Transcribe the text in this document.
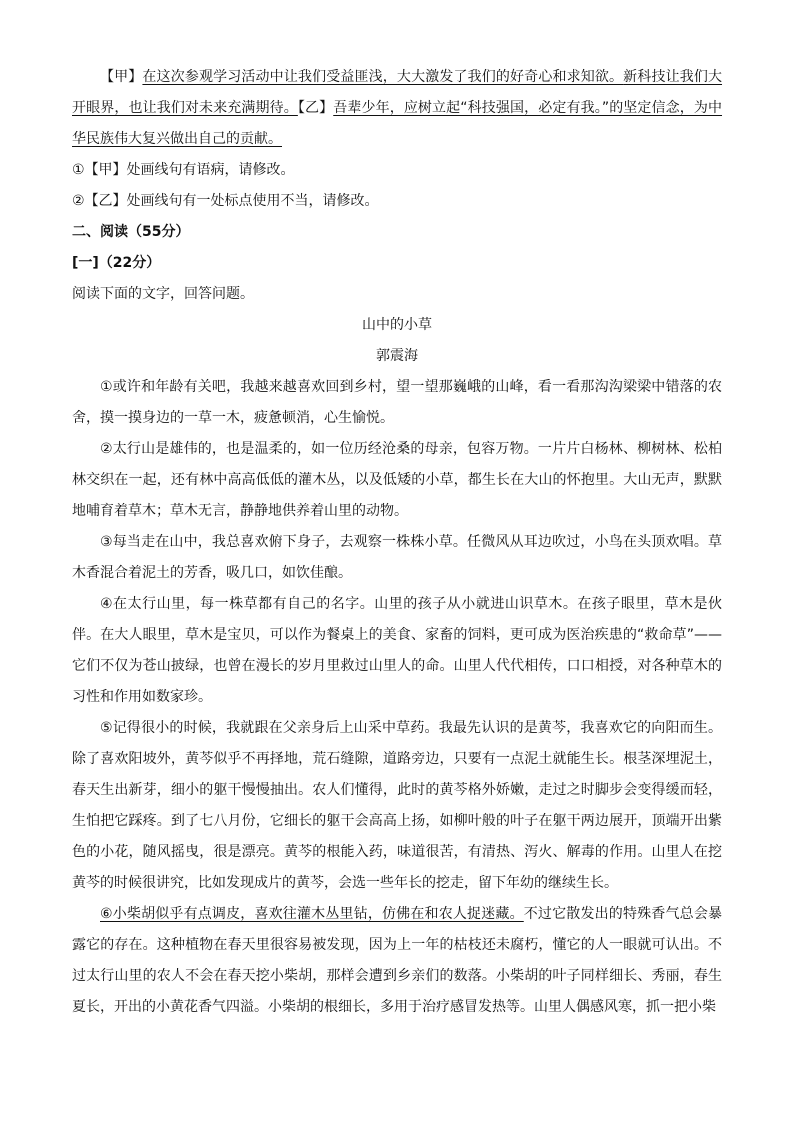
【甲】在这次参观学习活动中让我们受益匪浅，大大激发了我们的好奇心和求知欲。新科技让我们大开眼界，也让我们对未来充满期待。【乙】吾辈少年，应树立起“科技强国，必定有我。”的坚定信念，为中华民族伟大复兴做出自己的贡献。

①【甲】处画线句有语病，请修改。

②【乙】处画线句有一处标点使用不当，请修改。

二、阅读（55分）

[一]（22分）

阅读下面的文字，回答问题。

山中的小草

郭震海

①或许和年龄有关吧，我越来越喜欢回到乡村，望一望那巍峨的山峰，看一看那沟沟梁梁中错落的农舍，摸一摸身边的一草一木，疲惫顿消，心生愉悦。

②太行山是雄伟的，也是温柔的，如一位历经沧桑的母亲，包容万物。一片片白杨林、柳树林、松柏林交织在一起，还有林中高高低低的灌木丛，以及低矮的小草，都生长在大山的怀抱里。大山无声，默默地哺育着草木；草木无言，静静地供养着山里的动物。

③每当走在山中，我总喜欢俯下身子，去观察一株株小草。任微风从耳边吹过，小鸟在头顶欢唱。草木香混合着泥土的芳香，吸几口，如饮佳酿。

④在太行山里，每一株草都有自己的名字。山里的孩子从小就进山识草木。在孩子眼里，草木是伙伴。在大人眼里，草木是宝贝，可以作为餐桌上的美食、家畜的饲料，更可成为医治疾患的“救命草”——它们不仅为苍山披绿，也曾在漫长的岁月里救过山里人的命。山里人代代相传，口口相授，对各种草木的习性和作用如数家珍。

⑤记得很小的时候，我就跟在父亲身后上山采中草药。我最先认识的是黄芩，我喜欢它的向阳而生。除了喜欢阳坡外，黄芩似乎不再择地，荒石缝隙，道路旁边，只要有一点泥土就能生长。根茎深埋泥土，春天生出新芽，细小的躯干慢慢抽出。农人们懂得，此时的黄芩格外娇嫩，走过之时脚步会变得缓而轻，生怕把它踩疼。到了七八月份，它细长的躯干会高高上扬，如柳叶般的叶子在躯干两边展开，顶端开出紫色的小花，随风摇曳，很是漂亮。黄芩的根能入药，味道很苦，有清热、泻火、解毒的作用。山里人在挖黄芩的时候很讲究，比如发现成片的黄芩，会选一些年长的挖走，留下年幼的继续生长。

⑥小柴胡似乎有点调皮，喜欢往灌木丛里钻，仿佛在和农人捉迷藏。不过它散发出的特殊香气总会暴露它的存在。这种植物在春天里很容易被发现，因为上一年的枯枝还未腐朽，懂它的人一眼就可认出。不过太行山里的农人不会在春天挖小柴胡，那样会遭到乡亲们的数落。小柴胡的叶子同样细长、秀丽，春生夏长，开出的小黄花香气四溢。小柴胡的根细长，多用于治疗感冒发热等。山里人偶感风寒，抓一把小柴
